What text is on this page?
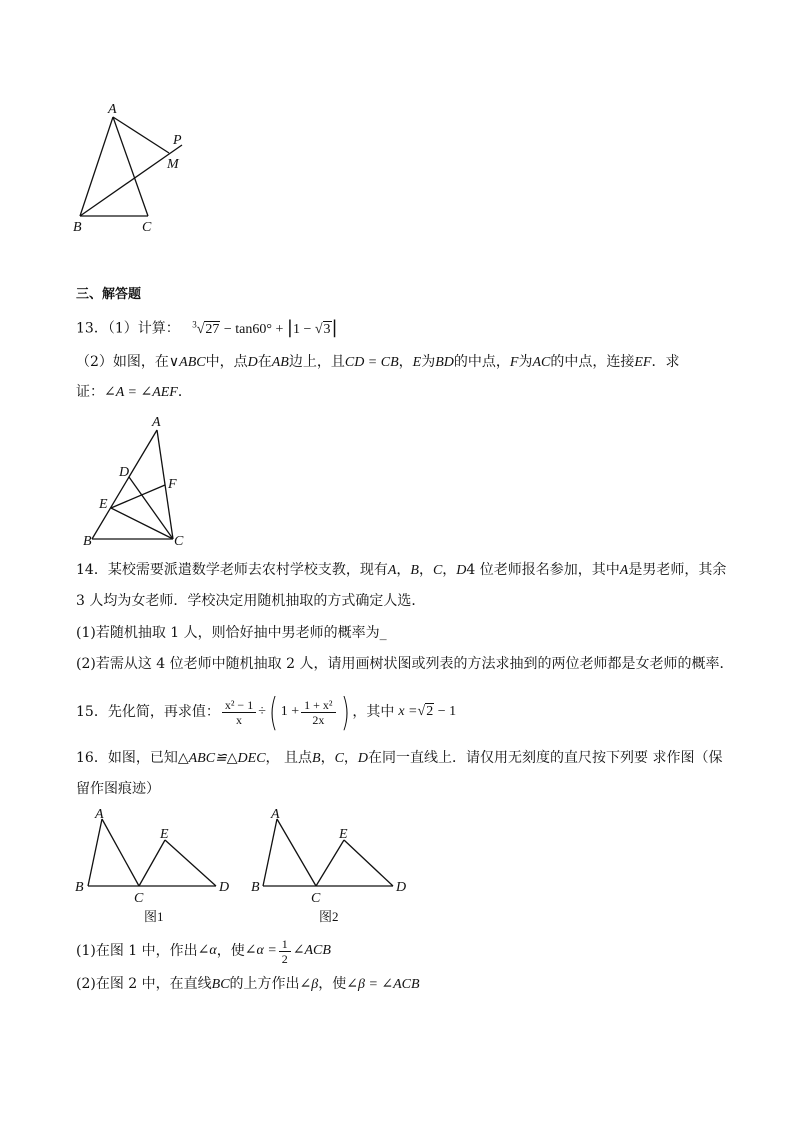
A
P
M
B	C
三、解答题
13．（1）计算： $^3$√27 − tan60° + |1 − √3|
（2）如图，在∨ABC中，点D在AB边上，且CD = CB，E为BD的中点，F为AC的中点，连接EF．求
证：∠A = ∠AEF．
A
D
F
E
B	C
14．某校需要派遣数学老师去农村学校支教，现有A，B，C，D4 位老师报名参加，其中A是男老师，其余
3 人均为女老师．学校决定用随机抽取的方式确定人选．
(1)若随机抽取 1 人，则恰好抽中男老师的概率为_
(2)若需从这 4 位老师中随机抽取 2 人，请用画树状图或列表的方法求抽到的两位老师都是女老师的概率．
15．先化简，再求值： $\frac{\text{x² − 1}}{x}$ ÷ ( $1 + \frac{\text{1 + x²}}{2x}$ ) ，其中 x = √2 − 1
16．如图，已知△ABC≌△DEC， 且点B，C，D在同一直线上．请仅用无刻度的直尺按下列要 求作图（保
留作图痕迹）
A
E
B
C
D
图1
A
E
B
C
D
图2
(1)在图 1 中，作出 ∠α ，使 ∠α = $\frac{1}{2}$ ∠ACB
(2)在图 2 中，在直线BC的上方作出∠β，使∠β = ∠ACB
